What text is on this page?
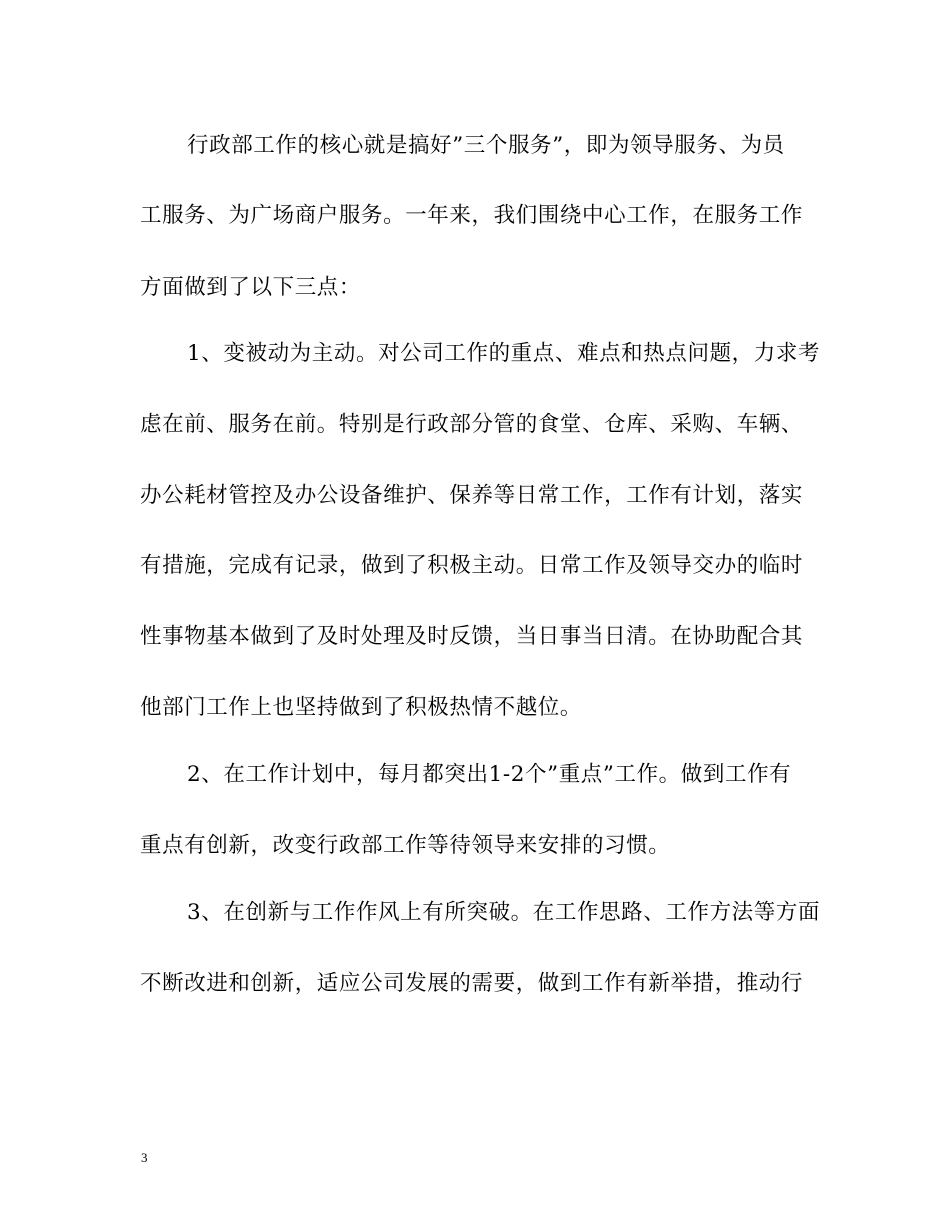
行政部工作的核心就是搞好”三个服务”，即为领导服务、为员
工服务、为广场商户服务。一年来，我们围绕中心工作，在服务工作
方面做到了以下三点：
1、变被动为主动。对公司工作的重点、难点和热点问题，力求考
虑在前、服务在前。特别是行政部分管的食堂、仓库、采购、车辆、
办公耗材管控及办公设备维护、保养等日常工作，工作有计划，落实
有措施，完成有记录，做到了积极主动。日常工作及领导交办的临时
性事物基本做到了及时处理及时反馈，当日事当日清。在协助配合其
他部门工作上也坚持做到了积极热情不越位。
2、在工作计划中，每月都突出1-2个”重点”工作。做到工作有
重点有创新，改变行政部工作等待领导来安排的习惯。
3、在创新与工作作风上有所突破。在工作思路、工作方法等方面
不断改进和创新，适应公司发展的需要，做到工作有新举措，推动行
3
